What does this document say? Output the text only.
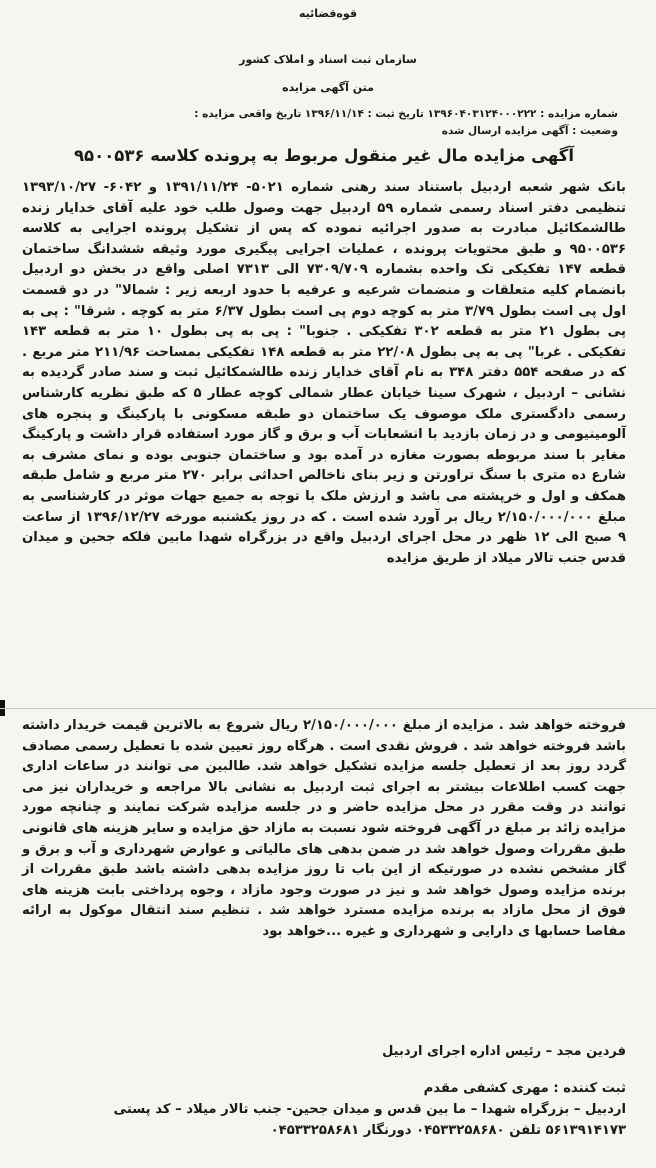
قوه‌قضائیه
سازمان ثبت اسناد و املاک کشور
متن آگهی مزایده
شماره مزایده : ۱۳۹۶۰۴۰۳۱۲۴۰۰۰۲۲۲ تاریخ ثبت : ۱۳۹۶/۱۱/۱۴ تاریخ واقعی مزایده :
وضعیت : آگهی مزایده ارسال شده
آگهی مزایده مال غیر منقول مربوط به پرونده کلاسه ۹۵۰۰۵۳۶
بانک شهر شعبه اردبیل باستناد سند رهنی شماره ۵۰۲۱- ۱۳۹۱/۱۱/۲۴ و ۶۰۴۲- ۱۳۹۳/۱۰/۲۷ تنظیمی دفتر اسناد رسمی شماره ۵۹ اردبیل جهت وصول طلب خود علیه آقای خدایار زنده طالشمکائیل مبادرت به صدور اجرائیه نموده که پس از تشکیل پرونده اجرایی به کلاسه ۹۵۰۰۵۳۶ و طبق محتویات پرونده ، عملیات اجرایی پیگیری مورد وثیقه ششدانگ ساختمان قطعه ۱۴۷ تفکیکی تک واحده بشماره ۷۳۰۹/۷۰۹ الی ۷۳۱۳ اصلی واقع در بخش دو اردبیل بانضمام کلیه متعلقات و منضمات شرعیه و عرفیه با حدود اربعه زیر : شمالا" در دو قسمت اول پی است بطول ۳/۷۹ متر به کوچه دوم پی است بطول ۶/۳۷ متر به کوچه . شرقا" : پی به پی بطول ۲۱ متر به قطعه ۳۰۲ تفکیکی . جنوبا" : پی به پی بطول ۱۰ متر به قطعه ۱۴۳ تفکیکی . غربا" پی به پی بطول ۲۲/۰۸ متر به قطعه ۱۴۸ تفکیکی بمساحت ۲۱۱/۹۶ متر مربع . که در صفحه ۵۵۴ دفتر ۳۴۸ به نام آقای خدایار زنده طالشمکائیل ثبت و سند صادر گردیده به نشانی – اردبیل ، شهرک سینا خیابان عطار شمالی کوچه عطار ۵ که طبق نظریه کارشناس رسمی دادگستری ملک موصوف یک ساختمان دو طبقه مسکونی با پارکینگ و پنجره های آلومینیومی و در زمان بازدید با انشعابات آب و برق و گاز مورد استفاده قرار داشت و پارکینگ مغایر با سند مربوطه بصورت مغازه در آمده بود و ساختمان جنوبی بوده و نمای مشرف به شارع ده متری با سنگ تراورتن و زیر بنای ناخالص احداثی برابر ۲۷۰ متر مربع و شامل طبقه همکف و اول و خرپشته می باشد و ارزش ملک با توجه به جمیع جهات موثر در کارشناسی به مبلغ ۲/۱۵۰/۰۰۰/۰۰۰ ریال بر آورد شده است . که در روز یکشنبه مورخه ۱۳۹۶/۱۲/۲۷ از ساعت ۹ صبح الی ۱۲ ظهر در محل اجرای اردبیل واقع در بزرگراه شهدا مابین فلکه جحین و میدان قدس جنب تالار میلاد از طریق مزایده
فروخته خواهد شد . مزایده از مبلغ ۲/۱۵۰/۰۰۰/۰۰۰ ریال شروع به بالاترین قیمت خریدار داشته باشد فروخته خواهد شد . فروش نقدی است . هرگاه روز تعیین شده با تعطیل رسمی مصادف گردد روز بعد از تعطیل جلسه مزایده تشکیل خواهد شد. طالبین می توانند در ساعات اداری جهت کسب اطلاعات بیشتر به اجرای ثبت اردبیل به نشانی بالا مراجعه و خریداران نیز می توانند در وقت مقرر در محل مزایده حاضر و در جلسه مزایده شرکت نمایند و چنانچه مورد مزایده زائد بر مبلغ در آگهی فروخته شود نسبت به مازاد حق مزایده و سایر هزینه های قانونی طبق مقررات وصول خواهد شد در ضمن بدهی های مالیاتی و عوارض شهرداری و آب و برق و گاز مشخص نشده در صورتیکه از این باب تا روز مزایده بدهی داشته باشد طبق مقررات از برنده مزایده وصول خواهد شد و نیز در صورت وجود مازاد ، وجوه پرداختی بابت هزینه های فوق از محل مازاد به برنده مزایده مسترد خواهد شد . تنظیم سند انتقال موکول به ارائه مفاصا حسابها ی دارایی و شهرداری و غیره ...خواهد بود
فردین مجد – رئیس اداره اجرای اردبیل
ثبت کننده : مهری کشفی مقدم
اردبیل – بزرگراه شهدا – ما بین قدس و میدان جحین- جنب تالار میلاد – کد پستی
۵۶۱۳۹۱۴۱۷۳ تلفن ۰۴۵۳۳۲۵۸۶۸۰ دورنگار ۰۴۵۳۳۲۵۸۶۸۱
